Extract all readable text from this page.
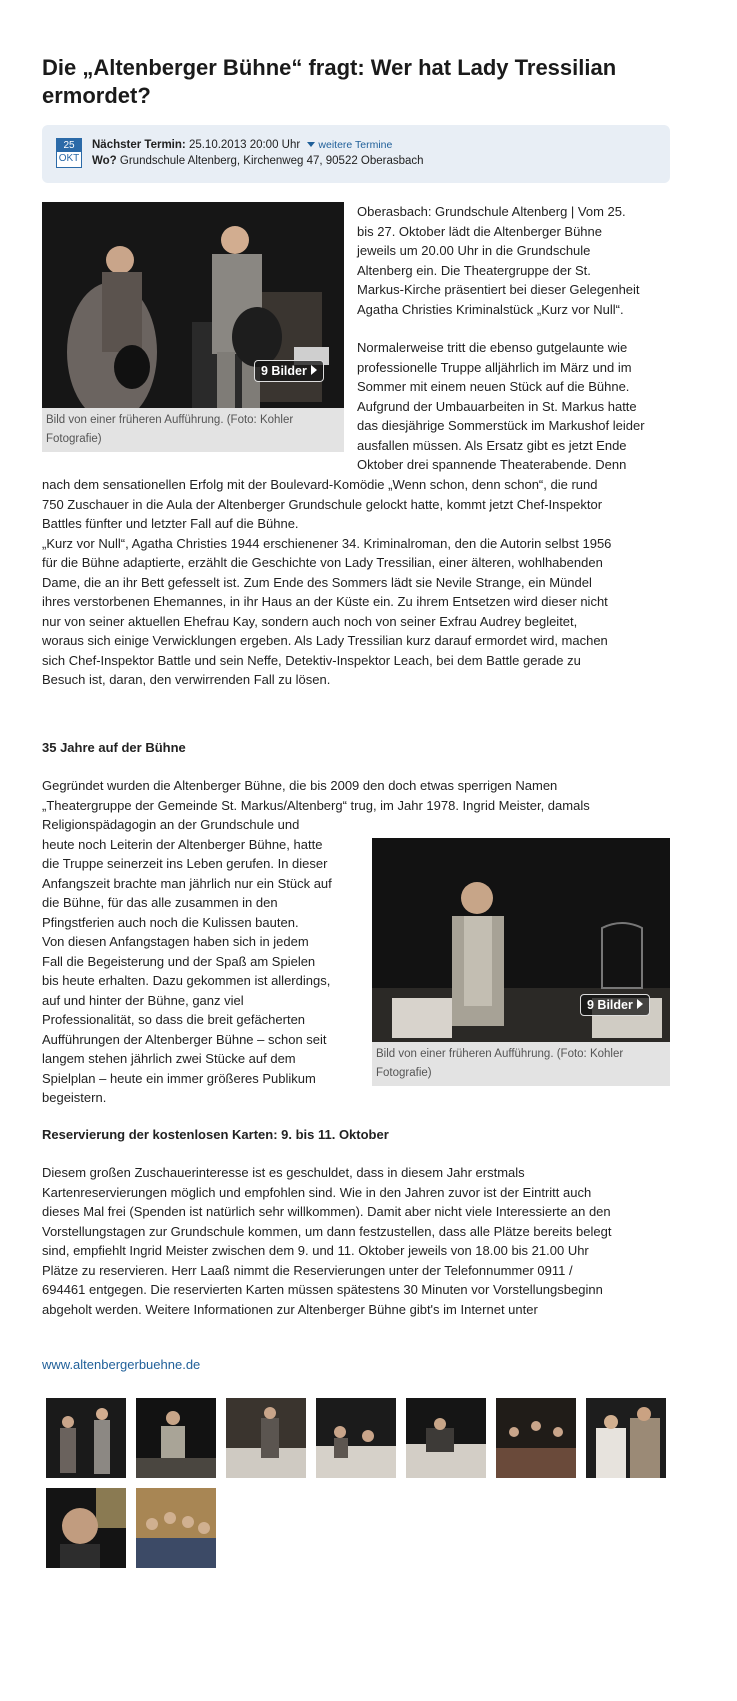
Die „Altenberger Bühne“ fragt: Wer hat Lady Tressilian ermordet?
25
OKT
Nächster Termin: 25.10.2013 20:00 Uhr weitere Termine
Wo? Grundschule Altenberg, Kirchenweg 47, 90522 Oberasbach
9 Bilder
Bild von einer früheren Aufführung. (Foto: Kohler
Fotografie)
Oberasbach: Grundschule Altenberg | Vom 25.
bis 27. Oktober lädt die Altenberger Bühne
jeweils um 20.00 Uhr in die Grundschule
Altenberg ein. Die Theatergruppe der St.
Markus-Kirche präsentiert bei dieser Gelegenheit
Agatha Christies Kriminalstück „Kurz vor Null“.
Normalerweise tritt die ebenso gutgelaunte wie
professionelle Truppe alljährlich im März und im
Sommer mit einem neuen Stück auf die Bühne.
Aufgrund der Umbauarbeiten in St. Markus hatte
das diesjährige Sommerstück im Markushof leider
ausfallen müssen. Als Ersatz gibt es jetzt Ende
Oktober drei spannende Theaterabende. Denn
nach dem sensationellen Erfolg mit der Boulevard-Komödie „Wenn schon, denn schon“, die rund
750 Zuschauer in die Aula der Altenberger Grundschule gelockt hatte, kommt jetzt Chef-Inspektor
Battles fünfter und letzter Fall auf die Bühne.
„Kurz vor Null“, Agatha Christies 1944 erschienener 34. Kriminalroman, den die Autorin selbst 1956
für die Bühne adaptierte, erzählt die Geschichte von Lady Tressilian, einer älteren, wohlhabenden
Dame, die an ihr Bett gefesselt ist. Zum Ende des Sommers lädt sie Nevile Strange, ein Mündel
ihres verstorbenen Ehemannes, in ihr Haus an der Küste ein. Zu ihrem Entsetzen wird dieser nicht
nur von seiner aktuellen Ehefrau Kay, sondern auch noch von seiner Exfrau Audrey begleitet,
woraus sich einige Verwicklungen ergeben. Als Lady Tressilian kurz darauf ermordet wird, machen
sich Chef-Inspektor Battle und sein Neffe, Detektiv-Inspektor Leach, bei dem Battle gerade zu
Besuch ist, daran, den verwirrenden Fall zu lösen.
35 Jahre auf der Bühne
Gegründet wurden die Altenberger Bühne, die bis 2009 den doch etwas sperrigen Namen
„Theatergruppe der Gemeinde St. Markus/Altenberg“ trug, im Jahr 1978. Ingrid Meister, damals
Religionspädagogin an der Grundschule und
heute noch Leiterin der Altenberger Bühne, hatte
die Truppe seinerzeit ins Leben gerufen. In dieser
Anfangszeit brachte man jährlich nur ein Stück auf
die Bühne, für das alle zusammen in den
Pfingstferien auch noch die Kulissen bauten.
Von diesen Anfangstagen haben sich in jedem
Fall die Begeisterung und der Spaß am Spielen
bis heute erhalten. Dazu gekommen ist allerdings,
auf und hinter der Bühne, ganz viel
Professionalität, so dass die breit gefächerten
Aufführungen der Altenberger Bühne – schon seit
langem stehen jährlich zwei Stücke auf dem
Spielplan – heute ein immer größeres Publikum
begeistern.
9 Bilder
Bild von einer früheren Aufführung. (Foto: Kohler
Fotografie)
Reservierung der kostenlosen Karten: 9. bis 11. Oktober
Diesem großen Zuschauerinteresse ist es geschuldet, dass in diesem Jahr erstmals
Kartenreservierungen möglich und empfohlen sind. Wie in den Jahren zuvor ist der Eintritt auch
dieses Mal frei (Spenden ist natürlich sehr willkommen). Damit aber nicht viele Interessierte an den
Vorstellungstagen zur Grundschule kommen, um dann festzustellen, dass alle Plätze bereits belegt
sind, empfiehlt Ingrid Meister zwischen dem 9. und 11. Oktober jeweils von 18.00 bis 21.00 Uhr
Plätze zu reservieren. Herr Laaß nimmt die Reservierungen unter der Telefonnummer 0911 /
694461 entgegen. Die reservierten Karten müssen spätestens 30 Minuten vor Vorstellungsbeginn
abgeholt werden. Weitere Informationen zur Altenberger Bühne gibt's im Internet unter
www.altenbergerbuehne.de
